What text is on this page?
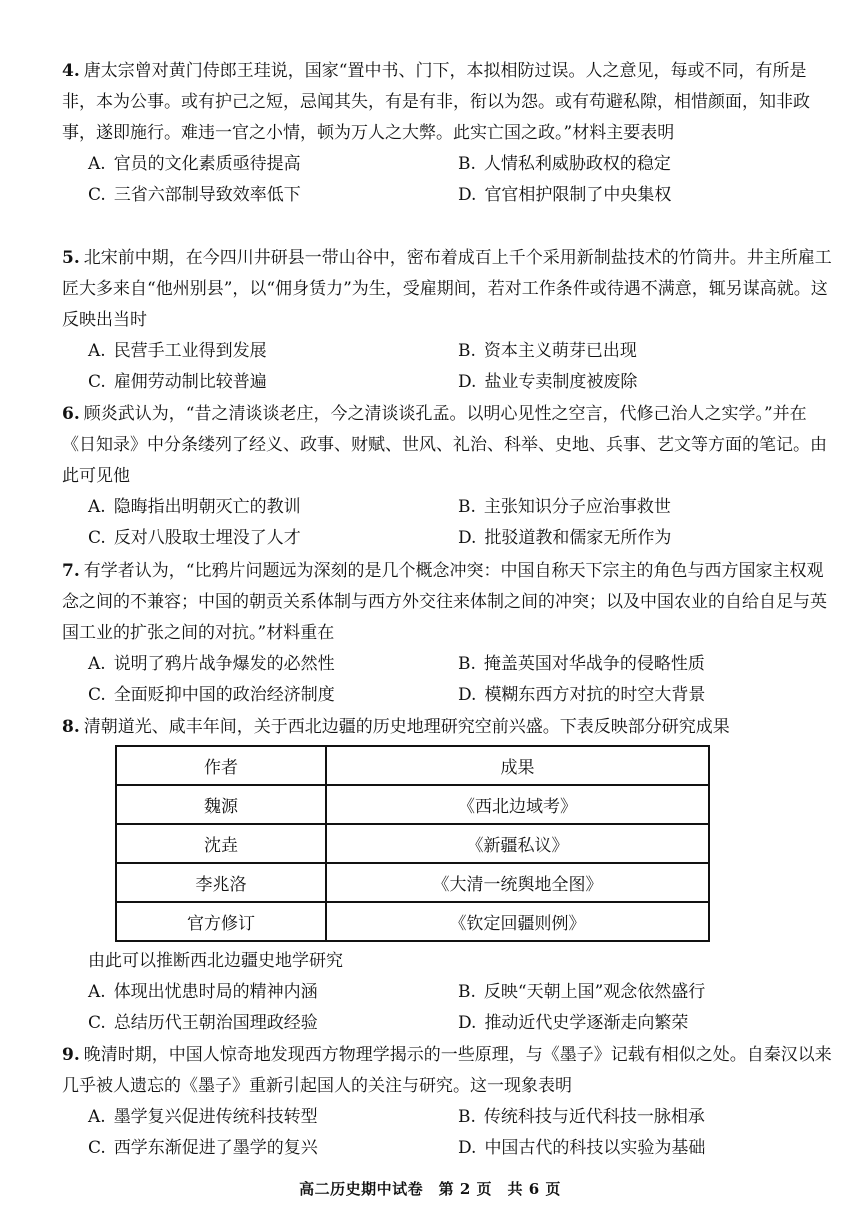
4. 唐太宗曾对黄门侍郎王珪说，国家“置中书、门下，本拟相防过误。人之意见，每或不同，有所是非，本为公事。或有护己之短，忌闻其失，有是有非，衔以为怨。或有苟避私隙，相惜颜面，知非政事，遂即施行。难违一官之小情，顿为万人之大弊。此实亡国之政。”材料主要表明

A. 官员的文化素质亟待提高	B. 人情私利威胁政权的稳定
C. 三省六部制导致效率低下	D. 官官相护限制了中央集权

5. 北宋前中期，在今四川井研县一带山谷中，密布着成百上千个采用新制盐技术的竹筒井。井主所雇工匠大多来自“他州别县”，以“佣身赁力”为生，受雇期间，若对工作条件或待遇不满意，辄另谋高就。这反映出当时

A. 民营手工业得到发展	B. 资本主义萌芽已出现
C. 雇佣劳动制比较普遍	D. 盐业专卖制度被废除

6. 顾炎武认为，“昔之清谈谈老庄，今之清谈谈孔孟。以明心见性之空言，代修己治人之实学。”并在《日知录》中分条缕列了经义、政事、财赋、世风、礼治、科举、史地、兵事、艺文等方面的笔记。由此可见他

A. 隐晦指出明朝灭亡的教训	B. 主张知识分子应治事救世
C. 反对八股取士埋没了人才	D. 批驳道教和儒家无所作为

7. 有学者认为，“比鸦片问题远为深刻的是几个概念冲突：中国自称天下宗主的角色与西方国家主权观念之间的不兼容；中国的朝贡关系体制与西方外交往来体制之间的冲突；以及中国农业的自给自足与英国工业的扩张之间的对抗。”材料重在

A. 说明了鸦片战争爆发的必然性	B. 掩盖英国对华战争的侵略性质
C. 全面贬抑中国的政治经济制度	D. 模糊东西方对抗的时空大背景

8. 清朝道光、咸丰年间，关于西北边疆的历史地理研究空前兴盛。下表反映部分研究成果

作者	成果
魏源	《西北边域考》
沈垚	《新疆私议》
李兆洛	《大清一统舆地全图》
官方修订	《钦定回疆则例》

由此可以推断西北边疆史地学研究

A. 体现出忧患时局的精神内涵	B. 反映“天朝上国”观念依然盛行
C. 总结历代王朝治国理政经验	D. 推动近代史学逐渐走向繁荣

9. 晚清时期，中国人惊奇地发现西方物理学揭示的一些原理，与《墨子》记载有相似之处。自秦汉以来几乎被人遗忘的《墨子》重新引起国人的关注与研究。这一现象表明

A. 墨学复兴促进传统科技转型	B. 传统科技与近代科技一脉相承
C. 西学东渐促进了墨学的复兴	D. 中国古代的科技以实验为基础
高二历史期中试卷　第 2 页　共 6 页
